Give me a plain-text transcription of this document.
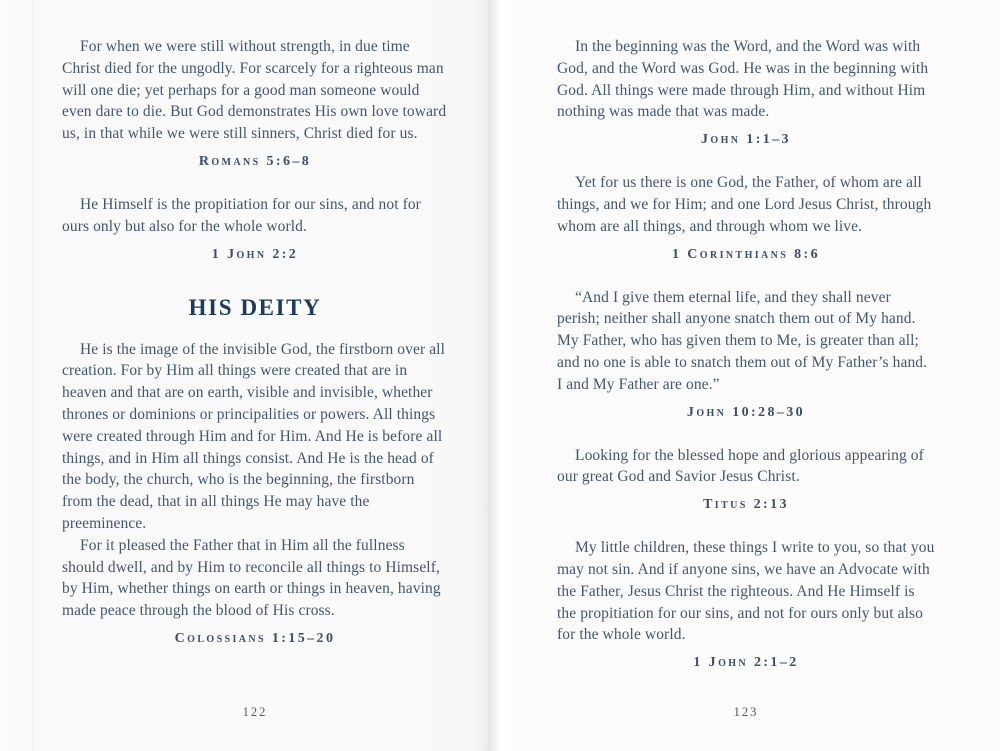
For when we were still without strength, in due time Christ died for the ungodly. For scarcely for a righteous man will one die; yet perhaps for a good man someone would even dare to die. But God demonstrates His own love toward us, in that while we were still sinners, Christ died for us.

Romans 5:6–8

He Himself is the propitiation for our sins, and not for ours only but also for the whole world.

1 John 2:2
HIS DEITY

He is the image of the invisible God, the firstborn over all creation. For by Him all things were created that are in heaven and that are on earth, visible and invisible, whether thrones or dominions or principalities or powers. All things were created through Him and for Him. And He is before all things, and in Him all things consist. And He is the head of the body, the church, who is the beginning, the firstborn from the dead, that in all things He may have the preeminence.

For it pleased the Father that in Him all the fullness should dwell, and by Him to reconcile all things to Himself, by Him, whether things on earth or things in heaven, having made peace through the blood of His cross.

Colossians 1:15–20
122

In the beginning was the Word, and the Word was with God, and the Word was God. He was in the beginning with God. All things were made through Him, and without Him nothing was made that was made.

John 1:1–3

Yet for us there is one God, the Father, of whom are all things, and we for Him; and one Lord Jesus Christ, through whom are all things, and through whom we live.

1 Corinthians 8:6

“And I give them eternal life, and they shall never perish; neither shall anyone snatch them out of My hand. My Father, who has given them to Me, is greater than all; and no one is able to snatch them out of My Father’s hand. I and My Father are one.”

John 10:28–30

Looking for the blessed hope and glorious appearing of our great God and Savior Jesus Christ.

Titus 2:13

My little children, these things I write to you, so that you may not sin. And if anyone sins, we have an Advocate with the Father, Jesus Christ the righteous. And He Himself is the propitiation for our sins, and not for ours only but also for the whole world.

1 John 2:1–2
123
